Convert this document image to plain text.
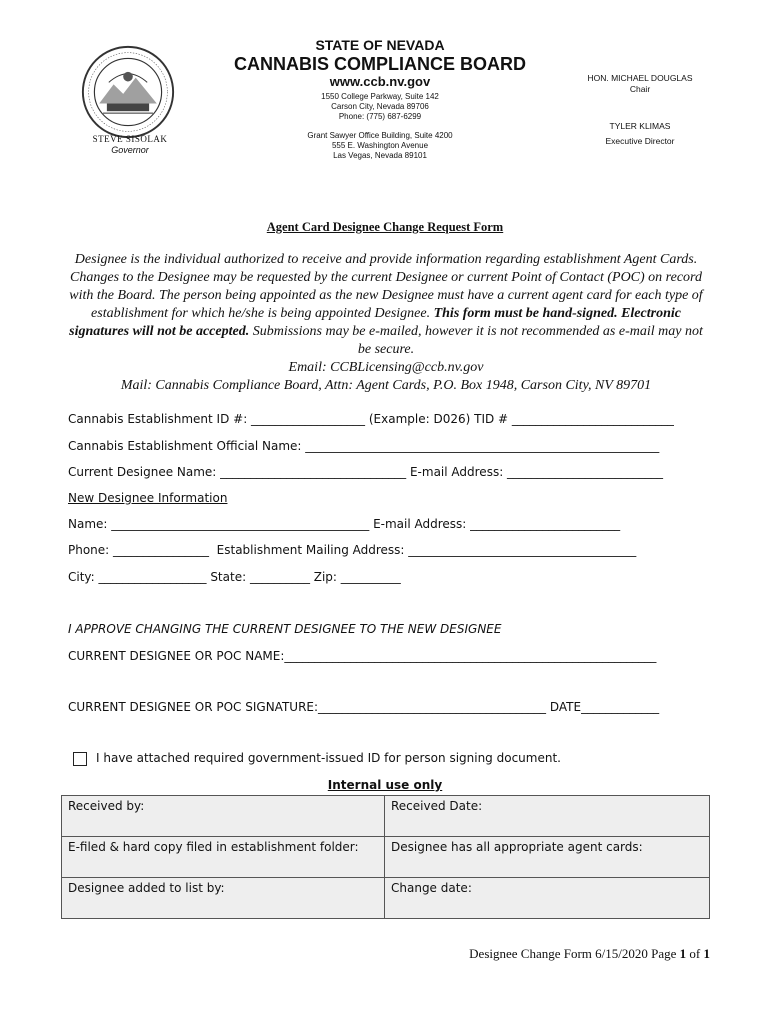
STEVE SISOLAK
Governor
STATE OF NEVADA
CANNABIS COMPLIANCE BOARD
www.ccb.nv.gov
1550 College Parkway, Suite 142
Carson City, Nevada 89706
Phone: (775) 687-6299
Grant Sawyer Office Building, Suite 4200
555 E. Washington Avenue
Las Vegas, Nevada 89101
HON. MICHAEL DOUGLAS
Chair
TYLER KLIMAS
Executive Director
Agent Card Designee Change Request Form
Designee is the individual authorized to receive and provide information regarding establishment Agent Cards. Changes to the Designee may be requested by the current Designee or current Point of Contact (POC) on record with the Board. The person being appointed as the new Designee must have a current agent card for each type of establishment for which he/she is being appointed Designee. This form must be hand-signed. Electronic signatures will not be accepted. Submissions may be e-mailed, however it is not recommended as e-mail may not be secure.
Email: CCBLicensing@ccb.nv.gov
Mail: Cannabis Compliance Board, Attn: Agent Cards, P.O. Box 1948, Carson City, NV 89701
Cannabis Establishment ID #: ___________________ (Example: D026) TID # ___________________________
Cannabis Establishment Official Name: ___________________________________________________________
Current Designee Name: _______________________________ E-mail Address: __________________________
New Designee Information
Name: ___________________________________________ E-mail Address: _________________________
Phone: ________________  Establishment Mailing Address: ______________________________________
City: __________________ State: __________ Zip: __________
I APPROVE CHANGING THE CURRENT DESIGNEE TO THE NEW DESIGNEE
CURRENT DESIGNEE OR POC NAME:______________________________________________________________
CURRENT DESIGNEE OR POC SIGNATURE:______________________________________ DATE_____________
I have attached required government-issued ID for person signing document.
Internal use only
Received by:	Received Date:
E-filed & hard copy filed in establishment folder:	Designee has all appropriate agent cards:
Designee added to list by:	Change date:
Designee Change Form 6/15/2020 Page 1 of 1
